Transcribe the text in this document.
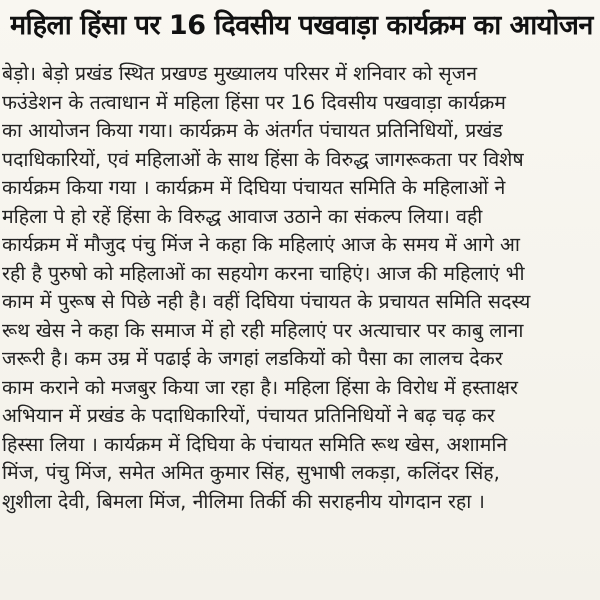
महिला हिंसा पर 16 दिवसीय पखवाड़ा कार्यक्रम का आयोजन
बेड़ो। बेड़ो प्रखंड स्थित प्रखण्ड मुख्यालय परिसर में शनिवार को सृजन
फउंडेशन के तत्वाधान में महिला हिंसा पर 16 दिवसीय पखवाड़ा कार्यक्रम
का आयोजन किया गया। कार्यक्रम के अंतर्गत पंचायत प्रतिनिधियों, प्रखंड
पदाधिकारियों, एवं महिलाओं के साथ हिंसा के विरुद्ध जागरूकता पर विशेष
कार्यक्रम किया गया । कार्यक्रम में दिघिया पंचायत समिति के महिलाओं ने
महिला पे हो रहें हिंसा के विरुद्ध आवाज उठाने का संकल्प लिया। वही
कार्यक्रम में मौजुद पंचु मिंज ने कहा कि महिलाएं आज के समय में आगे आ
रही है पुरुषो को महिलाओं का सहयोग करना चाहिएं। आज की महिलाएं भी
काम में पुरूष से पिछे नही है। वहीं दिघिया पंचायत के प्रचायत समिति सदस्य
रूथ खेस ने कहा कि समाज में हो रही महिलाएं पर अत्याचार पर काबु लाना
जरूरी है। कम उम्र में पढाई के जगहां लडकियों को पैसा का लालच देकर
काम कराने को मजबुर किया जा रहा है। महिला हिंसा के विरोध में हस्ताक्षर
अभियान में प्रखंड के पदाधिकारियों, पंचायत प्रतिनिधियों ने बढ़ चढ़ कर
हिस्सा लिया । कार्यक्रम में दिघिया के पंचायत समिति रूथ खेस, अशामनि
मिंज, पंचु मिंज, समेत अमित कुमार सिंह, सुभाषी लकड़ा, कलिंदर सिंह,
शुशीला देवी, बिमला मिंज, नीलिमा तिर्की की सराहनीय योगदान रहा ।
